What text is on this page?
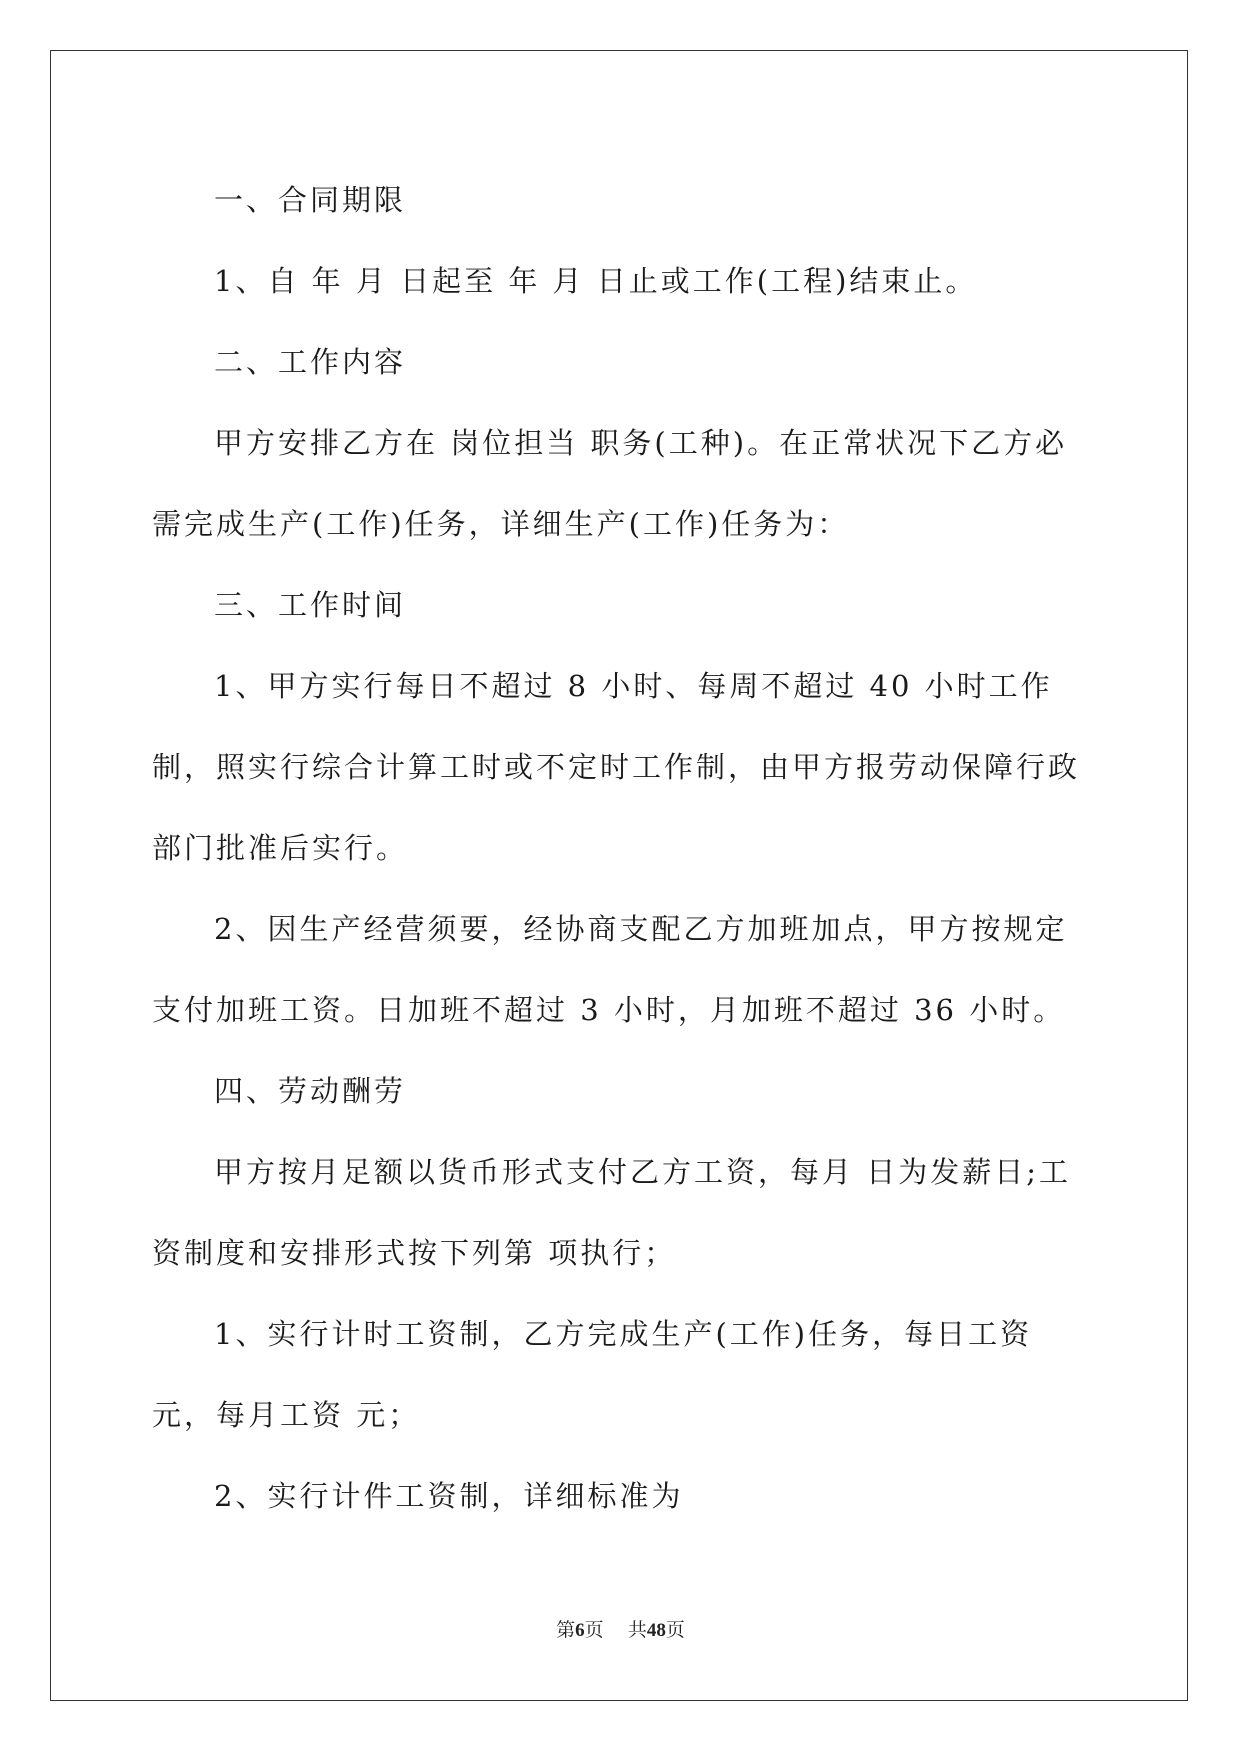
一、合同期限

1、自 年 月 日起至 年 月 日止或工作(工程)结束止。

二、工作内容

甲方安排乙方在 岗位担当 职务(工种)。在正常状况下乙方必需完成生产(工作)任务，详细生产(工作)任务为：

三、工作时间

1、甲方实行每日不超过 8 小时、每周不超过 40 小时工作制，照实行综合计算工时或不定时工作制，由甲方报劳动保障行政部门批准后实行。

2、因生产经营须要，经协商支配乙方加班加点，甲方按规定支付加班工资。日加班不超过 3 小时，月加班不超过 36 小时。

四、劳动酬劳

甲方按月足额以货币形式支付乙方工资，每月 日为发薪日;工资制度和安排形式按下列第 项执行；

1、实行计时工资制，乙方完成生产(工作)任务，每日工资 元，每月工资 元；

2、实行计件工资制，详细标准为

第6页 共48页
